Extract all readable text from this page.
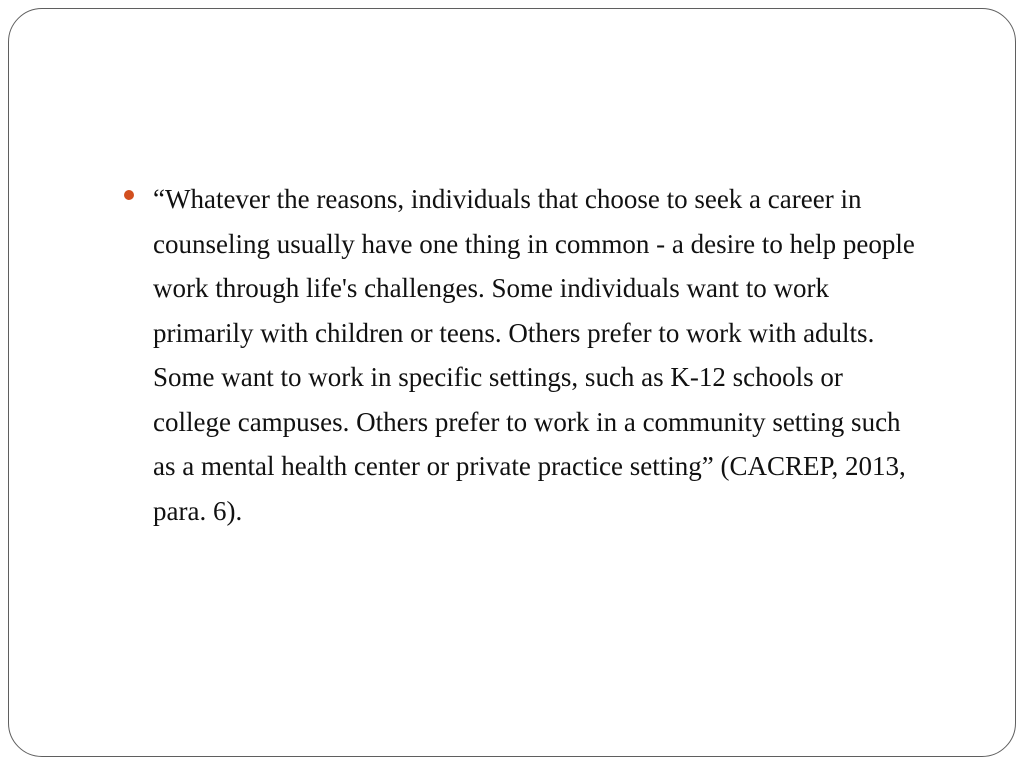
“Whatever the reasons, individuals that choose to seek a career in counseling usually have one thing in common - a desire to help people work through life's challenges. Some individuals want to work primarily with children or teens. Others prefer to work with adults. Some want to work in specific settings, such as K-12 schools or college campuses. Others prefer to work in a community setting such as a mental health center or private practice setting” (CACREP, 2013, para. 6).
